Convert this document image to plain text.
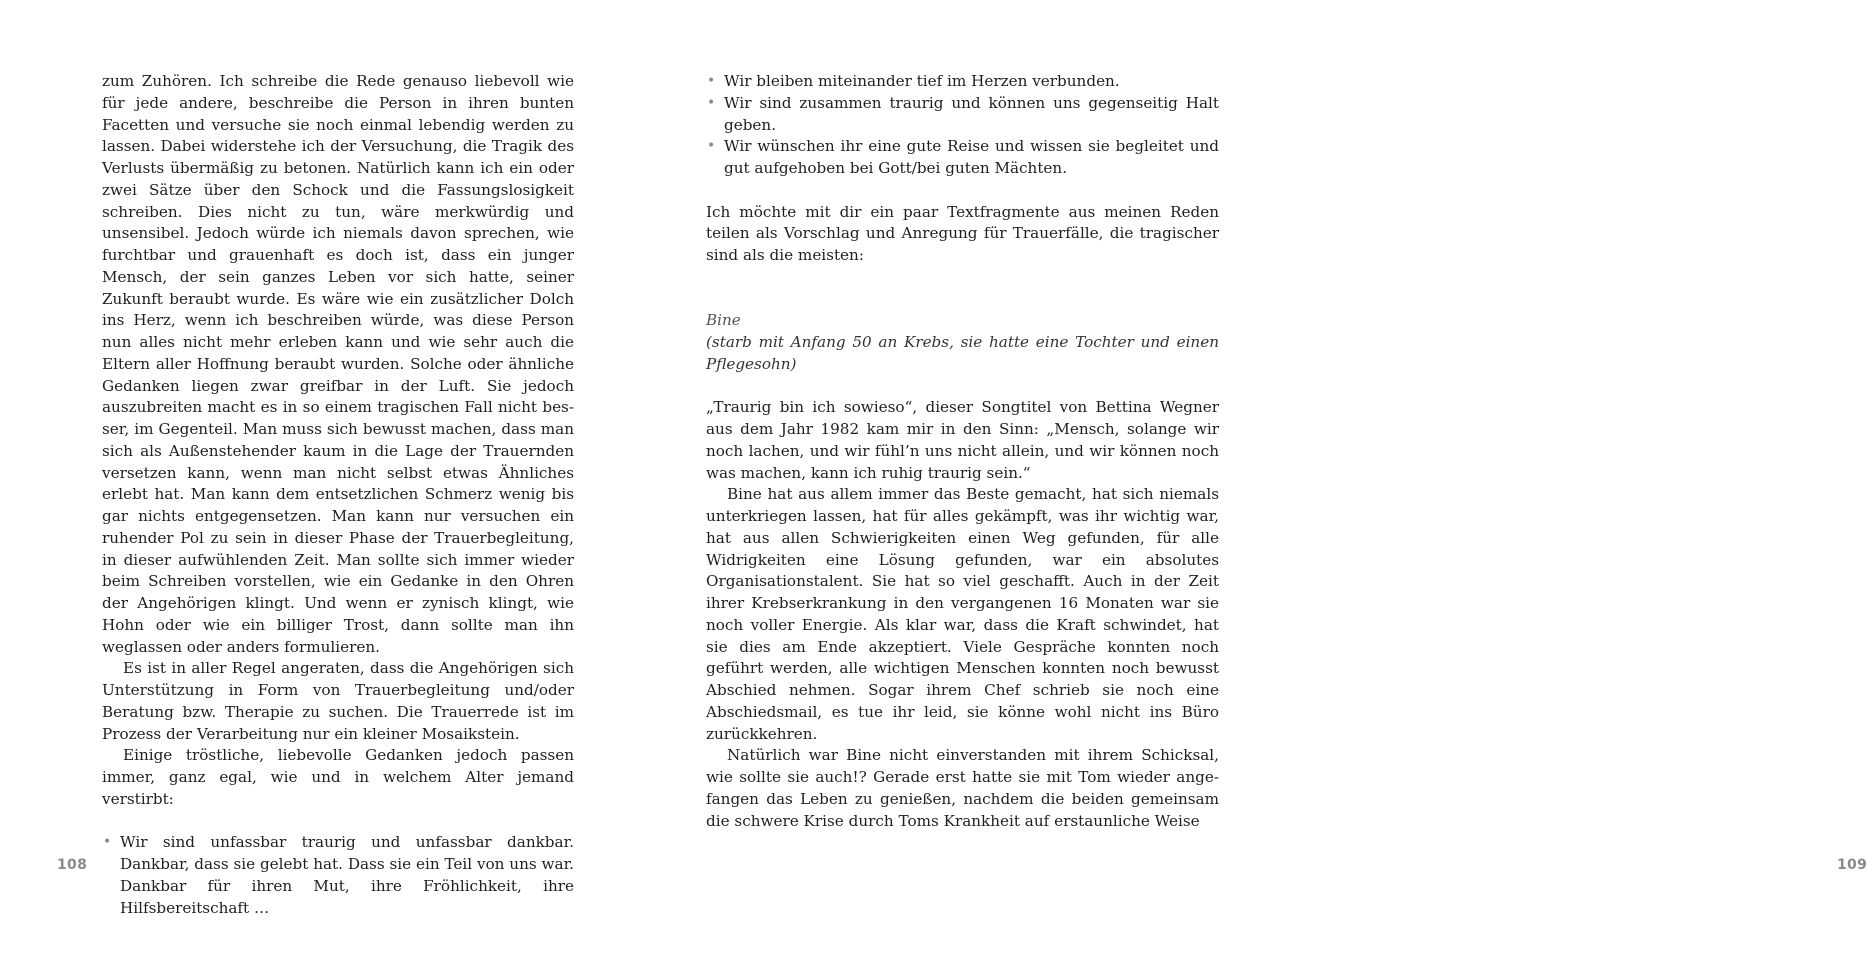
zum Zuhören. Ich schreibe die Rede genauso liebevoll wie für jede andere, beschreibe die Person in ihren bunten Facetten und versuche sie noch einmal lebendig werden zu lassen. Dabei widerstehe ich der Versuchung, die Tragik des Verlusts übermäßig zu betonen. Natürlich kann ich ein oder zwei Sätze über den Schock und die Fassungslosigkeit schreiben. Dies nicht zu tun, wäre merkwürdig und unsensibel. Jedoch würde ich niemals davon sprechen, wie furchtbar und grauenhaft es doch ist, dass ein junger Mensch, der sein ganzes Leben vor sich hatte, seiner Zukunft beraubt wurde. Es wäre wie ein zusätzlicher Dolch ins Herz, wenn ich beschreiben würde, was diese Person nun alles nicht mehr erleben kann und wie sehr auch die Eltern aller Hoffnung beraubt wurden. Solche oder ähnliche Gedanken liegen zwar greifbar in der Luft. Sie jedoch auszubreiten macht es in so einem tragischen Fall nicht besser, im Gegenteil. Man muss sich bewusst machen, dass man sich als Außenstehender kaum in die Lage der Trauernden versetzen kann, wenn man nicht selbst etwas Ähnliches erlebt hat. Man kann dem entsetzlichen Schmerz wenig bis gar nichts entgegensetzen. Man kann nur versuchen ein ruhender Pol zu sein in dieser Phase der Trauerbegleitung, in dieser aufwühlenden Zeit. Man sollte sich immer wieder beim Schreiben vorstellen, wie ein Gedanke in den Ohren der Angehörigen klingt. Und wenn er zynisch klingt, wie Hohn oder wie ein billiger Trost, dann sollte man ihn weglassen oder anders formulieren.

Es ist in aller Regel angeraten, dass die Angehörigen sich Unterstützung in Form von Trauerbegleitung und/oder Beratung bzw. Therapie zu suchen. Die Trauerrede ist im Prozess der Verarbeitung nur ein kleiner Mosaikstein.

Einige tröstliche, liebevolle Gedanken jedoch passen immer, ganz egal, wie und in welchem Alter jemand verstirbt:

• Wir sind unfassbar traurig und unfassbar dankbar. Dankbar, dass sie gelebt hat. Dass sie ein Teil von uns war. Dankbar für ihren Mut, ihre Fröhlichkeit, ihre Hilfsbereitschaft …
108
• Wir bleiben miteinander tief im Herzen verbunden.
• Wir sind zusammen traurig und können uns gegenseitig Halt geben.
• Wir wünschen ihr eine gute Reise und wissen sie begleitet und gut aufgehoben bei Gott/bei guten Mächten.

Ich möchte mit dir ein paar Textfragmente aus meinen Reden teilen als Vorschlag und Anregung für Trauerfälle, die tragischer sind als die meisten:

Bine

(starb mit Anfang 50 an Krebs, sie hatte eine Tochter und einen Pflegesohn)

„Traurig bin ich sowieso“, dieser Songtitel von Bettina Wegner aus dem Jahr 1982 kam mir in den Sinn: „Mensch, solange wir noch lachen, und wir fühl’n uns nicht allein, und wir können noch was machen, kann ich ruhig traurig sein.“

Bine hat aus allem immer das Beste gemacht, hat sich niemals unterkriegen lassen, hat für alles gekämpft, was ihr wichtig war, hat aus allen Schwierigkeiten einen Weg gefunden, für alle Widrigkeiten eine Lösung gefunden, war ein absolutes Organisationstalent. Sie hat so viel geschafft. Auch in der Zeit ihrer Krebserkrankung in den vergangenen 16 Monaten war sie noch voller Energie. Als klar war, dass die Kraft schwindet, hat sie dies am Ende akzeptiert. Viele Gespräche konnten noch geführt werden, alle wichtigen Menschen konnten noch bewusst Abschied nehmen. Sogar ihrem Chef schrieb sie noch eine Abschiedsmail, es tue ihr leid, sie könne wohl nicht ins Büro zurückkehren.

Natürlich war Bine nicht einverstanden mit ihrem Schicksal, wie sollte sie auch!? Gerade erst hatte sie mit Tom wieder angefangen das Leben zu genießen, nachdem die beiden gemeinsam die schwere Krise durch Toms Krankheit auf erstaunliche Weise

109
